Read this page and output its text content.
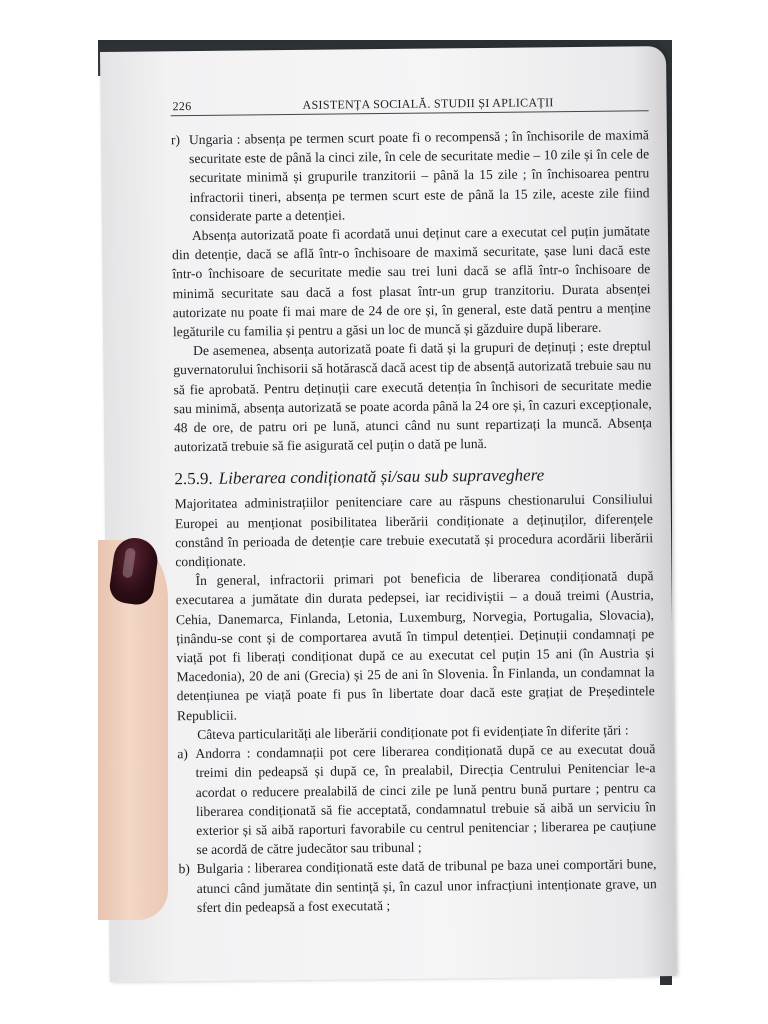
226	ASISTENȚA SOCIALĂ. STUDII ȘI APLICAȚII
r) Ungaria : absența pe termen scurt poate fi o recompensă ; în închisorile de maximă securitate este de până la cinci zile, în cele de securitate medie – 10 zile și în cele de securitate minimă și grupurile tranzitorii – până la 15 zile ; în închisoarea pentru infractorii tineri, absența pe termen scurt este de până la 15 zile, aceste zile fiind considerate parte a detenției.

Absența autorizată poate fi acordată unui deținut care a executat cel puțin jumătate din detenție, dacă se află într-o închisoare de maximă securitate, șase luni dacă este într-o închisoare de securitate medie sau trei luni dacă se află într-o închisoare de minimă securitate sau dacă a fost plasat într-un grup tranzitoriu. Durata absenței autorizate nu poate fi mai mare de 24 de ore și, în general, este dată pentru a menține legăturile cu familia și pentru a găsi un loc de muncă și găzduire după liberare.

De asemenea, absența autorizată poate fi dată și la grupuri de deținuți ; este dreptul guvernatorului închisorii să hotărască dacă acest tip de absență autorizată trebuie sau nu să fie aprobată. Pentru deținuții care execută detenția în închisori de securitate medie sau minimă, absența autorizată se poate acorda până la 24 ore și, în cazuri excepționale, 48 de ore, de patru ori pe lună, atunci când nu sunt repartizați la muncă. Absența autorizată trebuie să fie asigurată cel puțin o dată pe lună.

2.5.9. Liberarea condiționată și/sau sub supraveghere

Majoritatea administrațiilor penitenciare care au răspuns chestionarului Consiliului Europei au menționat posibilitatea liberării condiționate a deținuților, diferențele constând în perioada de detenție care trebuie executată și procedura acordării liberării condiționate.

În general, infractorii primari pot beneficia de liberarea condiționată după executarea a jumătate din durata pedepsei, iar recidiviștii – a două treimi (Austria, Cehia, Danemarca, Finlanda, Letonia, Luxemburg, Norvegia, Portugalia, Slovacia), ținându-se cont și de comportarea avută în timpul detenției. Deținuții condamnați pe viață pot fi liberați condiționat după ce au executat cel puțin 15 ani (în Austria și Macedonia), 20 de ani (Grecia) și 25 de ani în Slovenia. În Finlanda, un condamnat la detențiunea pe viață poate fi pus în libertate doar dacă este grațiat de Președintele Republicii.

Câteva particularități ale liberării condiționate pot fi evidențiate în diferite țări :

a) Andorra : condamnații pot cere liberarea condiționată după ce au executat două treimi din pedeapsă și după ce, în prealabil, Direcția Centrului Penitenciar le-a acordat o reducere prealabilă de cinci zile pe lună pentru bună purtare ; pentru ca liberarea condiționată să fie acceptată, condamnatul trebuie să aibă un serviciu în exterior și să aibă raporturi favorabile cu centrul penitenciar ; liberarea pe cauțiune se acordă de către judecător sau tribunal ;

b) Bulgaria : liberarea condiționată este dată de tribunal pe baza unei comportări bune, atunci când jumătate din sentință și, în cazul unor infracțiuni intenționate grave, un sfert din pedeapsă a fost executată ;
